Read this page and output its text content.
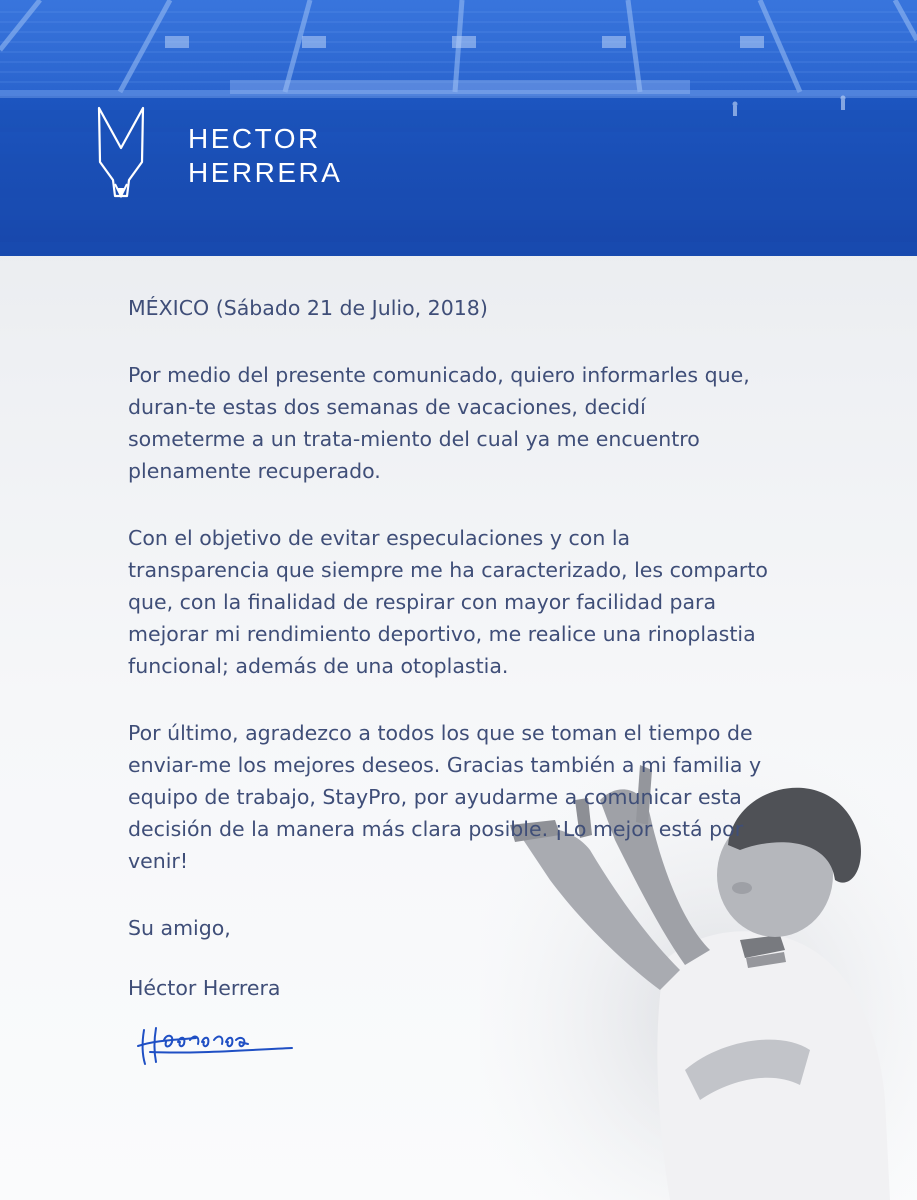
HECTOR
HERRERA
MÉXICO (Sábado 21 de Julio, 2018)

Por medio del presente comunicado, quiero informarles que, duran-te estas dos semanas de vacaciones, decidí someterme a un trata-miento del cual ya me encuentro plenamente recuperado.

Con el objetivo de evitar especulaciones y con la transparencia que siempre me ha caracterizado, les comparto que, con la finalidad de respirar con mayor facilidad para mejorar mi rendimiento deportivo, me realice una rinoplastia funcional; además de una otoplastia.

Por último, agradezco a todos los que se toman el tiempo de enviar-me los mejores deseos. Gracias también a mi familia y equipo de trabajo, StayPro, por ayudarme a comunicar esta decisión de la manera más clara posible. ¡Lo mejor está por venir!

Su amigo,
Héctor Herrera
